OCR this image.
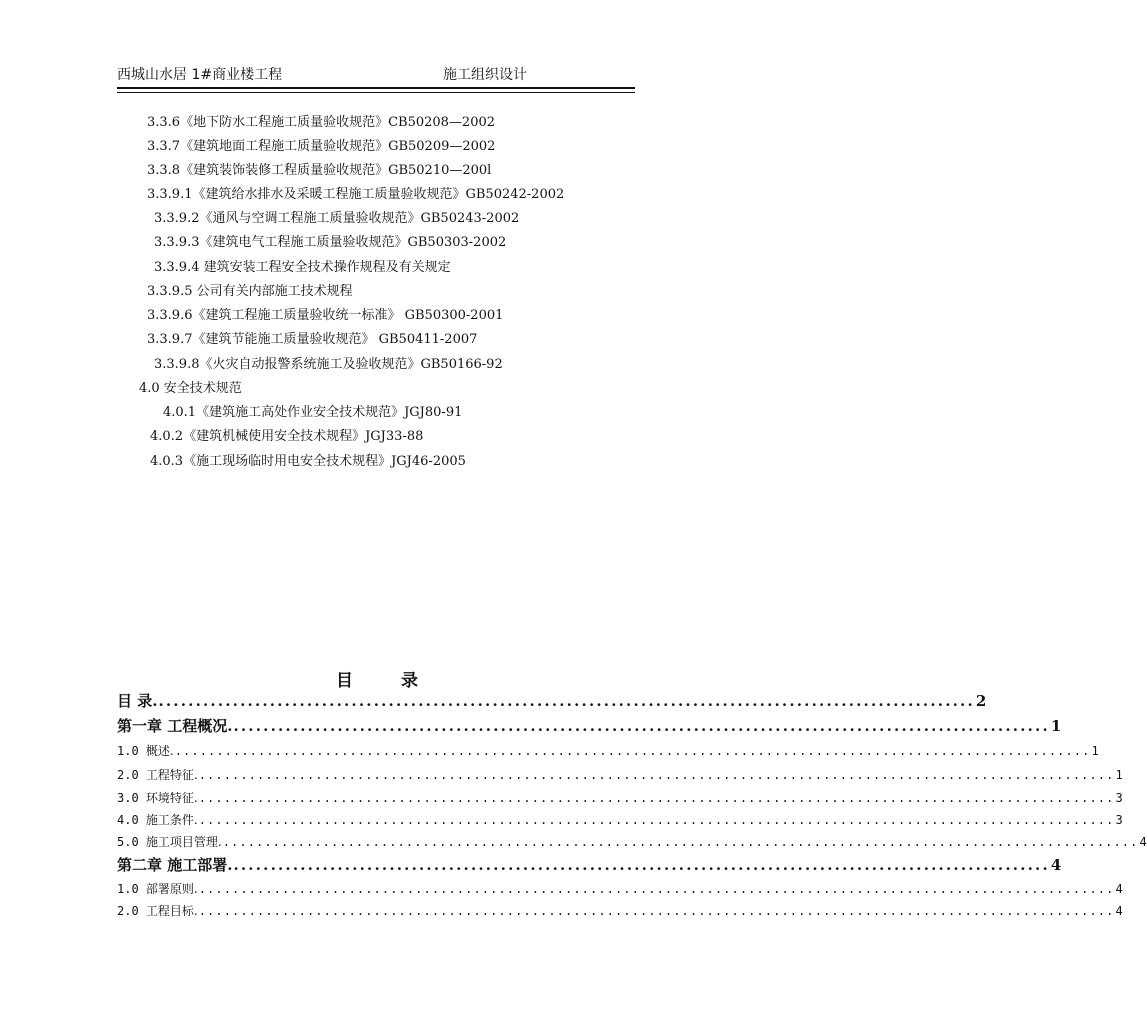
西城山水居 1#商业楼工程	施工组织设计
3.3.6《地下防水工程施工质量验收规范》CB50208—2002
3.3.7《建筑地面工程施工质量验收规范》GB50209—2002
3.3.8《建筑装饰装修工程质量验收规范》GB50210—200l
3.3.9.1《建筑给水排水及采暖工程施工质量验收规范》GB50242-2002
3.3.9.2《通风与空调工程施工质量验收规范》GB50243-2002
3.3.9.3《建筑电气工程施工质量验收规范》GB50303-2002
3.3.9.4 建筑安装工程安全技术操作规程及有关规定
3.3.9.5 公司有关内部施工技术规程
3.3.9.6《建筑工程施工质量验收统一标准》 GB50300-2001
3.3.9.7《建筑节能施工质量验收规范》 GB50411-2007
3.3.9.8《火灾自动报警系统施工及验收规范》GB50166-92
4.0 安全技术规范
4.0.1《建筑施工高处作业安全技术规范》JGJ80-91
4.0.2《建筑机械使用安全技术规程》JGJ33-88
4.0.3《施工现场临时用电安全技术规程》JGJ46-2005
目	录
目 录. .............................................................................................................. 2
第一章 工程概况. .............................................................................................................. 1
1.0 概述. .............................................................................................................. 1
2.0 工程特征. .............................................................................................................. 1
3.0 环境特征. .............................................................................................................. 3
4.0 施工条件. .............................................................................................................. 3
5.0 施工项目管理. .............................................................................................................. 4
第二章 施工部署. .............................................................................................................. 4
1.0 部署原则. .............................................................................................................. 4
2.0 工程目标. .............................................................................................................. 4
